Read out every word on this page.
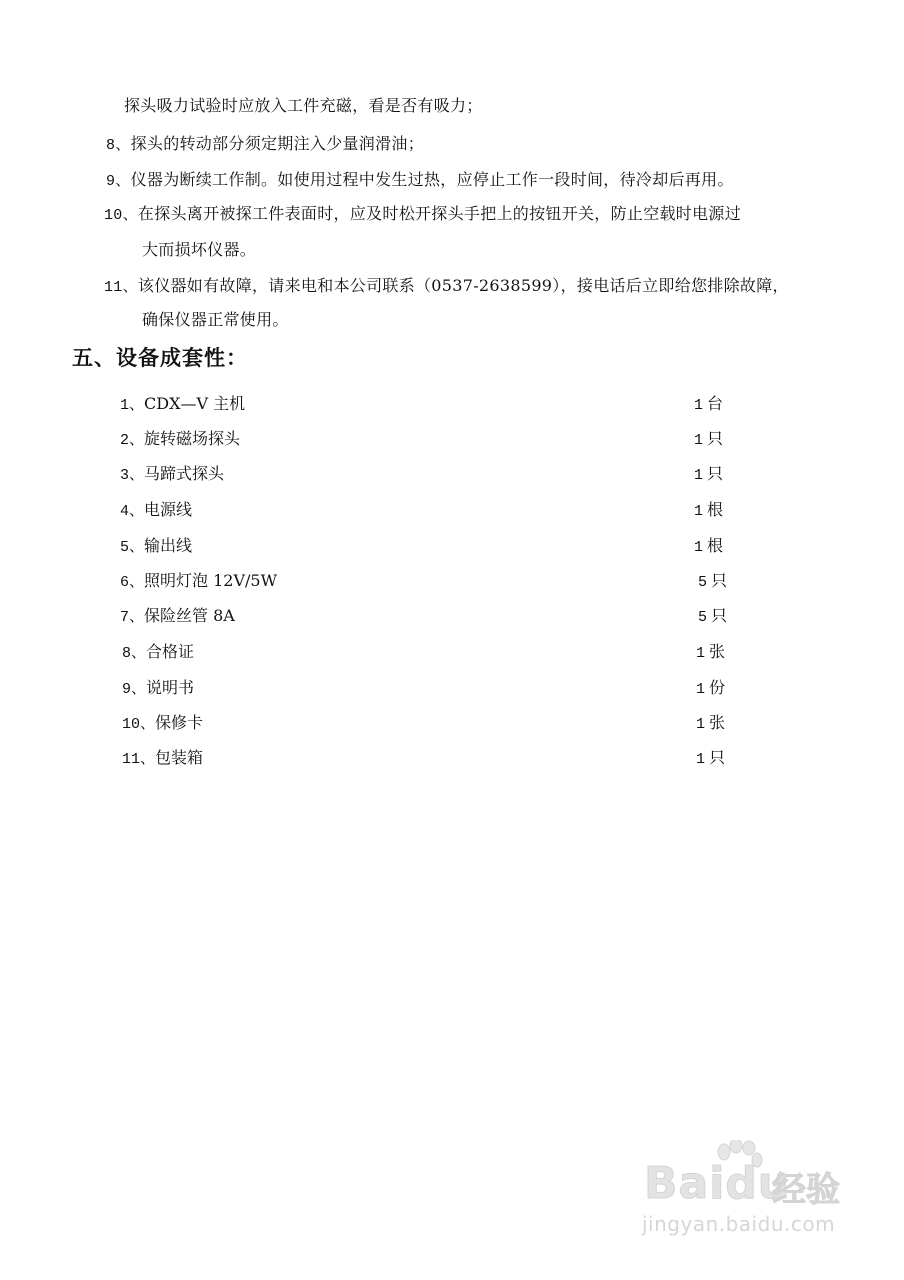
探头吸力试验时应放入工件充磁，看是否有吸力；
8、探头的转动部分须定期注入少量润滑油；
9、仪器为断续工作制。如使用过程中发生过热，应停止工作一段时间，待冷却后再用。
10、在探头离开被探工件表面时，应及时松开探头手把上的按钮开关，防止空载时电源过
大而损坏仪器。
11、该仪器如有故障，请来电和本公司联系（0537-2638599），接电话后立即给您排除故障，
确保仪器正常使用。
五、设备成套性：
1、CDX—V 主机	1 台
2、旋转磁场探头	1 只
3、马蹄式探头	1 只
4、电源线	1 根
5、输出线	1 根
6、照明灯泡 12V/5W	5 只
7、保险丝管 8A	5 只
8、合格证	1 张
9、说明书	1 份
10、保修卡	1 张
11、包装箱	1 只
Baidu
经验
jingyan.baidu.com
